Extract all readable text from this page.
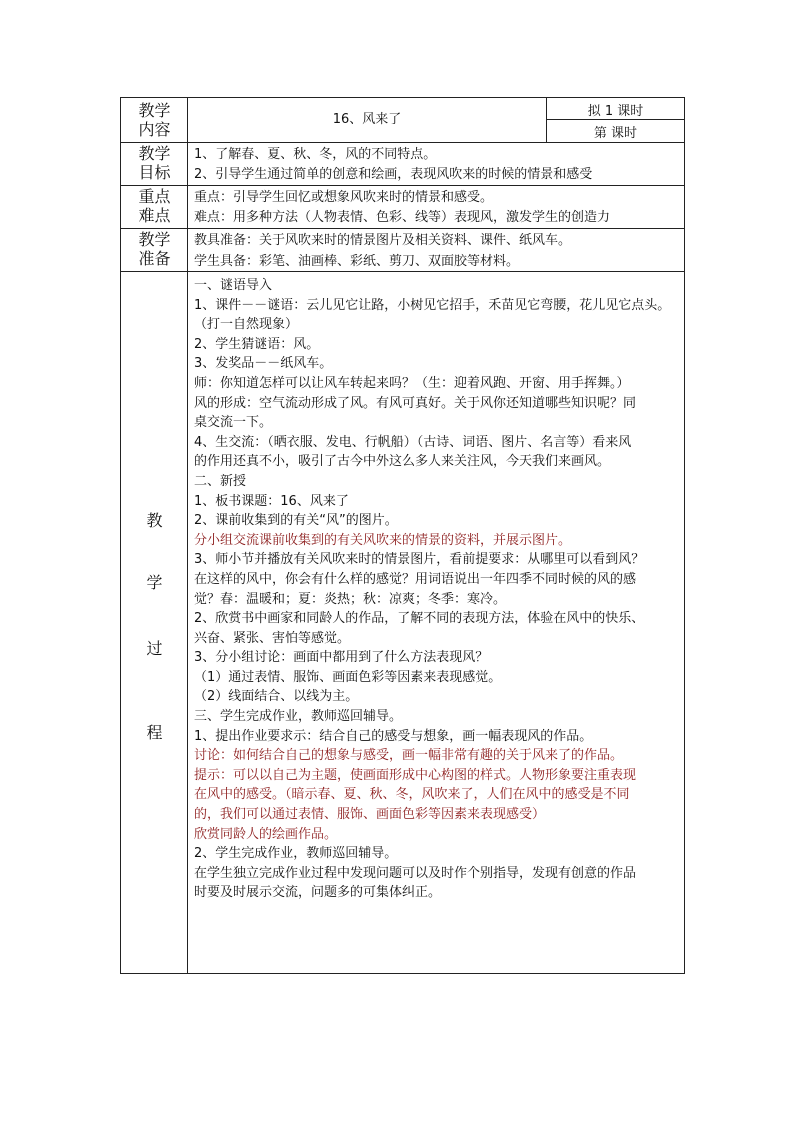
教学
内容
16、风来了
拟 1 课时
第 课时
教学
目标
1、了解春、夏、秋、冬，风的不同特点。
2、引导学生通过简单的创意和绘画，表现风吹来的时候的情景和感受
重点
难点
重点：引导学生回忆或想象风吹来时的情景和感受。
难点：用多种方法（人物表情、色彩、线等）表现风，激发学生的创造力
教学
准备
教具准备：关于风吹来时的情景图片及相关资料、课件、纸风车。
学生具备：彩笔、油画棒、彩纸、剪刀、双面胶等材料。
教
学
过
程
一、谜语导入
1、课件－－谜语：云儿见它让路，小树见它招手，禾苗见它弯腰，花儿见它点头。
（打一自然现象）
2、学生猜谜语：风。
3、发奖品－－纸风车。
师：你知道怎样可以让风车转起来吗？（生：迎着风跑、开窗、用手挥舞。）
风的形成：空气流动形成了风。有风可真好。关于风你还知道哪些知识呢？同
桌交流一下。
4、生交流：（晒衣服、发电、行帆船）（古诗、词语、图片、名言等）看来风
的作用还真不小，吸引了古今中外这么多人来关注风，今天我们来画风。
二、新授
1、板书课题：16、风来了
2、课前收集到的有关“风”的图片。
分小组交流课前收集到的有关风吹来的情景的资料，并展示图片。
3、师小节并播放有关风吹来时的情景图片，看前提要求：从哪里可以看到风？
在这样的风中，你会有什么样的感觉？用词语说出一年四季不同时候的风的感
觉？春：温暖和；夏：炎热；秋：凉爽；冬季：寒冷。
2、欣赏书中画家和同龄人的作品，了解不同的表现方法，体验在风中的快乐、
兴奋、紧张、害怕等感觉。
3、分小组讨论：画面中都用到了什么方法表现风？
（1）通过表情、服饰、画面色彩等因素来表现感觉。
（2）线面结合、以线为主。
三、学生完成作业，教师巡回辅导。
1、提出作业要求示：结合自己的感受与想象，画一幅表现风的作品。
讨论：如何结合自己的想象与感受，画一幅非常有趣的关于风来了的作品。
提示：可以以自己为主题，使画面形成中心构图的样式。人物形象要注重表现
在风中的感受。（暗示春、夏、秋、冬，风吹来了，人们在风中的感受是不同
的，我们可以通过表情、服饰、画面色彩等因素来表现感受）
欣赏同龄人的绘画作品。
2、学生完成作业，教师巡回辅导。
在学生独立完成作业过程中发现问题可以及时作个别指导，发现有创意的作品
时要及时展示交流，问题多的可集体纠正。
